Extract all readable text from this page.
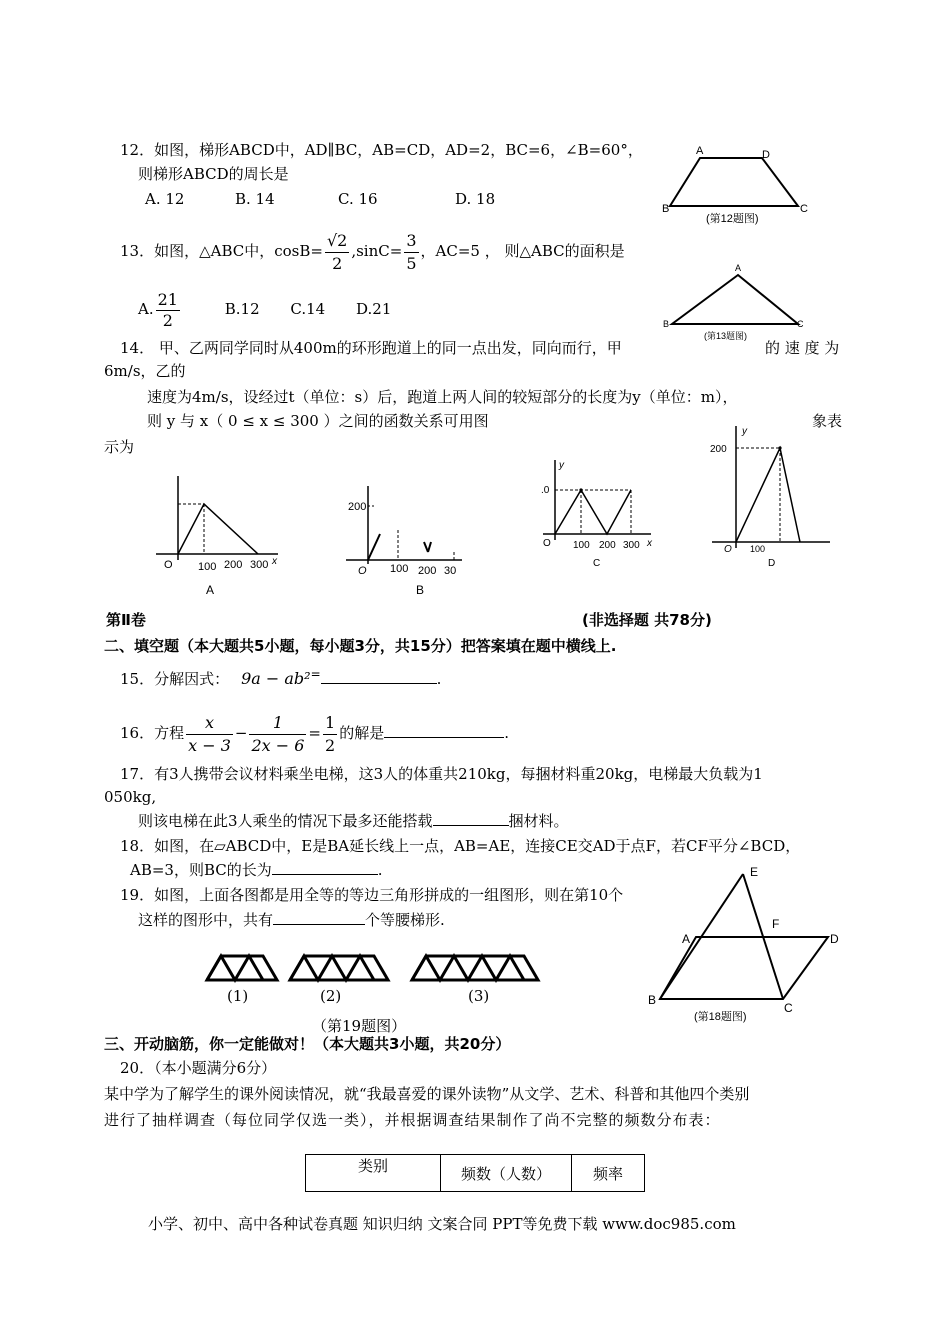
12．如图，梯形ABCD中，AD∥BC，AB=CD，AD=2，BC=6，∠B=60°，
则梯形ABCD的周长是
A. 12	B. 14	C. 16	D. 18
A	D
B	C
(第12题图)
13．如图，△ABC中，$\cos B= \frac{√2}{2} ,\sin C= \frac{3}{5}$ ，AC=5 ， 则△ABC的面积是
A. $\frac{21}{2}$	B.12 C.14 D.21
A
B	C
(第13题图)
14． 甲、乙两同学同时从400m的环形跑道上的同一点出发，同向而行，甲	的 速 度 为
6m/s，乙的
速度为4m/s，设经过t（单位：s）后，跑道上两人间的较短部分的长度为y（单位：m），
则 y 与 x（ 0 ≤ x ≤ 300 ）之间的函数关系可用图	象表
示为
O 100 200 300 x
A
200
O 100 200 30
B
y
.0
O 100 200 300 x
C
y
200
O 100
D
第Ⅱ卷	(非选择题 共78分)
二、填空题（本大题共5小题，每小题3分，共15分）把答案填在题中横线上.
15．分解因式： 9a − ab²=	.
16．方程 $\frac{x}{x - 3} - \frac{1}{2x - 6} = \frac{1}{2}$ 的解是	.
17．有3人携带会议材料乘坐电梯，这3人的体重共210kg，每捆材料重20kg，电梯最大负载为1
050kg,
则该电梯在此3人乘坐的情况下最多还能搭载	捆材料。
18．如图，在▱ABCD中，E是BA延长线上一点，AB=AE，连接CE交AD于点F，若CF平分∠BCD，
AB=3，则BC的长为	.	E
F
A	D
B
C
(第18题图)
19．如图，上面各图都是用全等的等边三角形拼成的一组图形，则在第10个
这样的图形中，共有	个等腰梯形.
(1)	(2)	(3)
（第19题图）
三、开动脑筋，你一定能做对！（本大题共3小题，共20分）
20．（本小题满分6分）
某中学为了解学生的课外阅读情况，就“我最喜爱的课外读物”从文学、艺术、科普和其他四个类别
进行了抽样调查（每位同学仅选一类），并根据调查结果制作了尚不完整的频数分布表：
类别	频数（人数）	频率
小学、初中、高中各种试卷真题 知识归纳 文案合同 PPT等免费下载 www.doc985.com
